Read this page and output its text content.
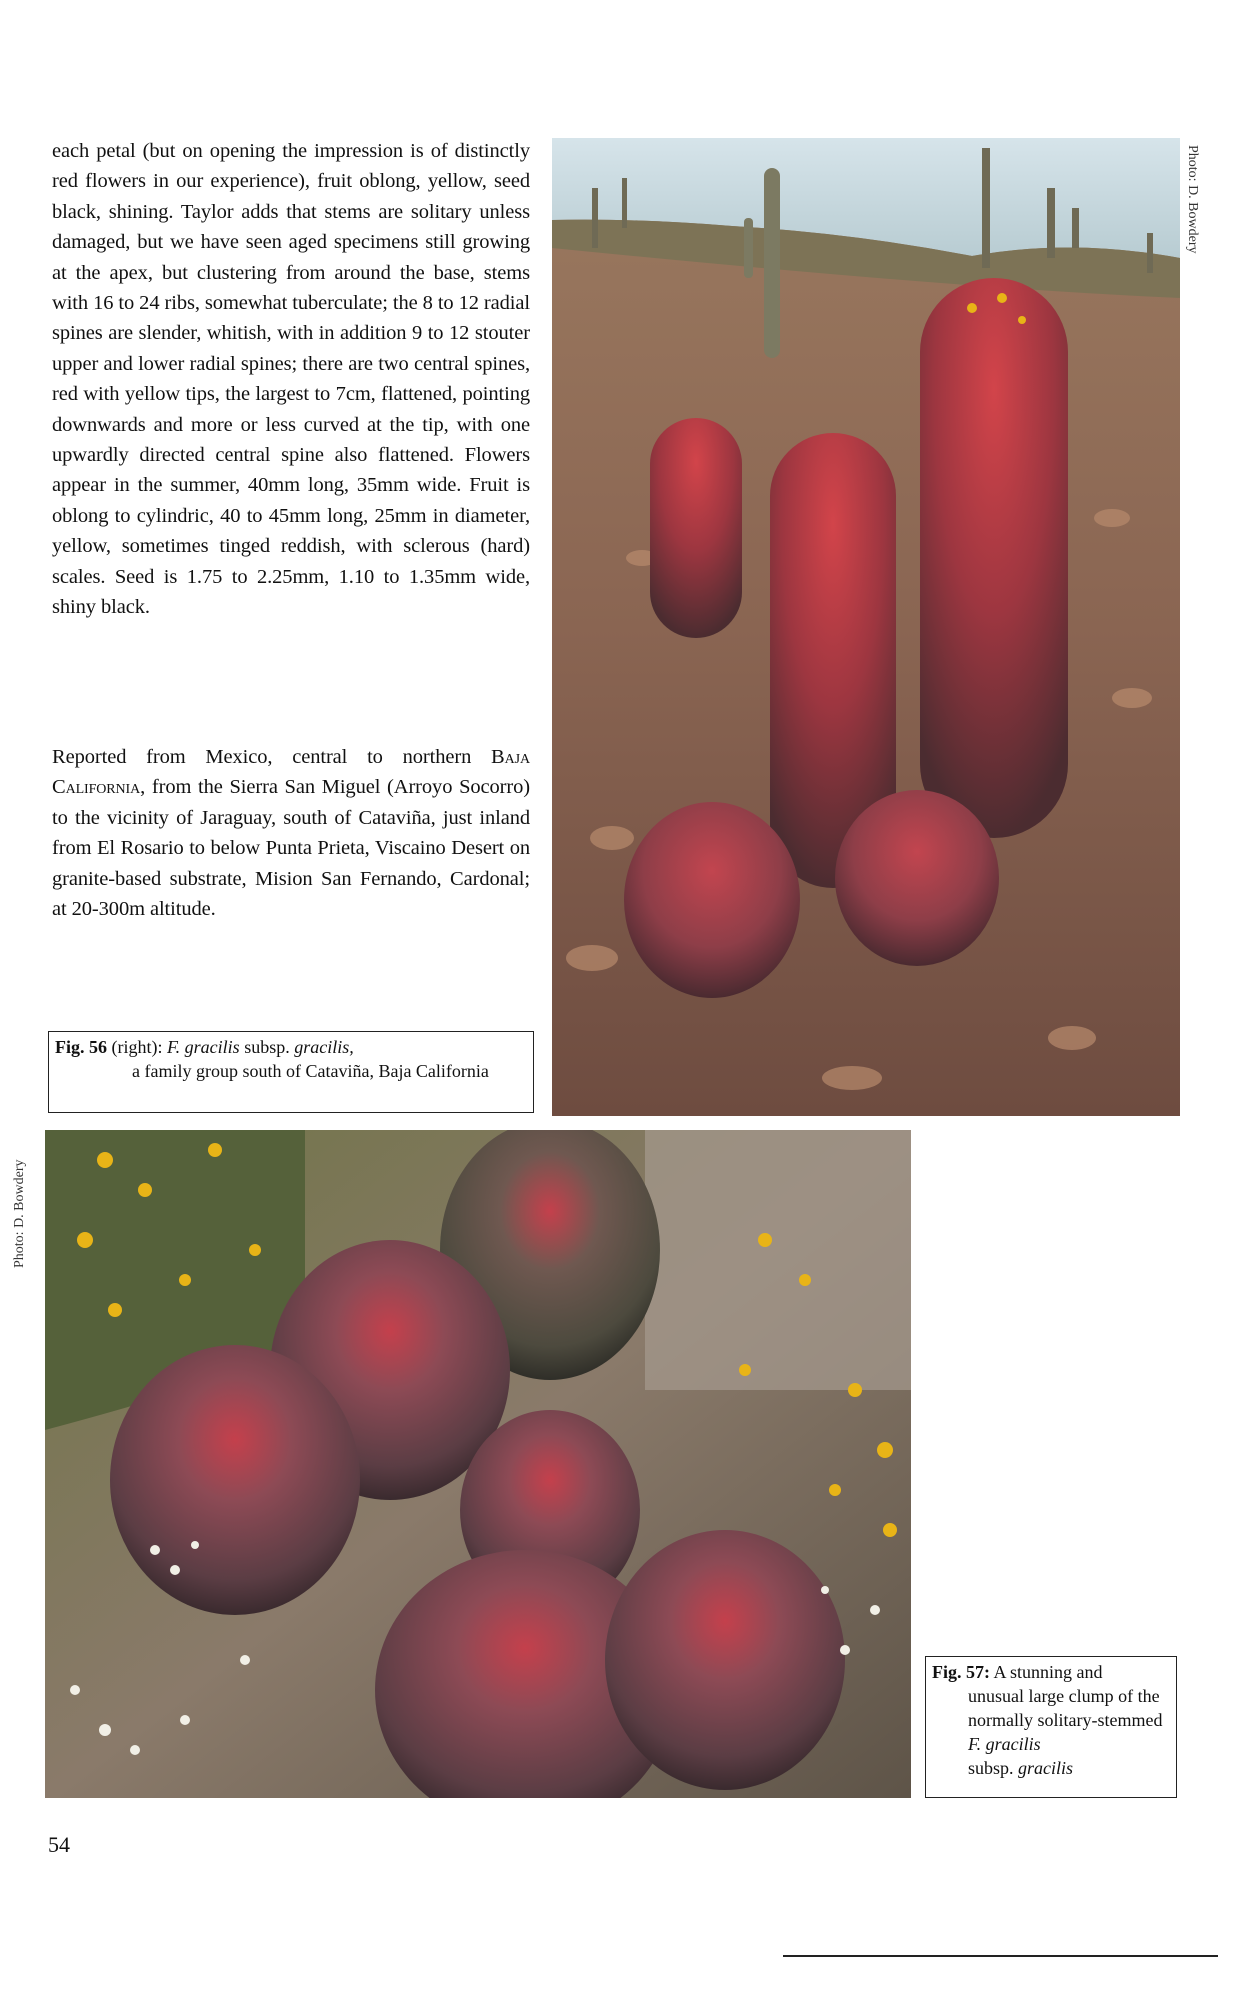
each petal (but on opening the impression is of distinctly red flowers in our experience), fruit oblong, yellow, seed black, shining. Taylor adds that stems are solitary unless damaged, but we have seen aged specimens still growing at the apex, but clustering from around the base, stems with 16 to 24 ribs, somewhat tuberculate; the 8 to 12 radial spines are slender, whitish, with in addition 9 to 12 stouter upper and lower radial spines; there are two central spines, red with yellow tips, the largest to 7cm, flattened, pointing downwards and more or less curved at the tip, with one upwardly directed central spine also flattened. Flowers appear in the summer, 40mm long, 35mm wide. Fruit is oblong to cylindric, 40 to 45mm long, 25mm in diameter, yellow, sometimes tinged reddish, with sclerous (hard) scales. Seed is 1.75 to 2.25mm, 1.10 to 1.35mm wide, shiny black.
Reported from Mexico, central to northern Baja California, from the Sierra San Miguel (Arroyo Socorro) to the vicinity of Jaraguay, south of Cataviña, just inland from El Rosario to below Punta Prieta, Viscaino Desert on granite-based substrate, Mision San Fernando, Cardonal; at 20-300m altitude.
Photo: D. Bowdery
Fig. 56 (right): F. gracilis subsp. gracilis,
a family group south of Cataviña, Baja California
Photo: D. Bowdery
Fig. 57: A stunning and
unusual large clump of the normally solitary-stemmed F. gracilis
subsp. gracilis
54
